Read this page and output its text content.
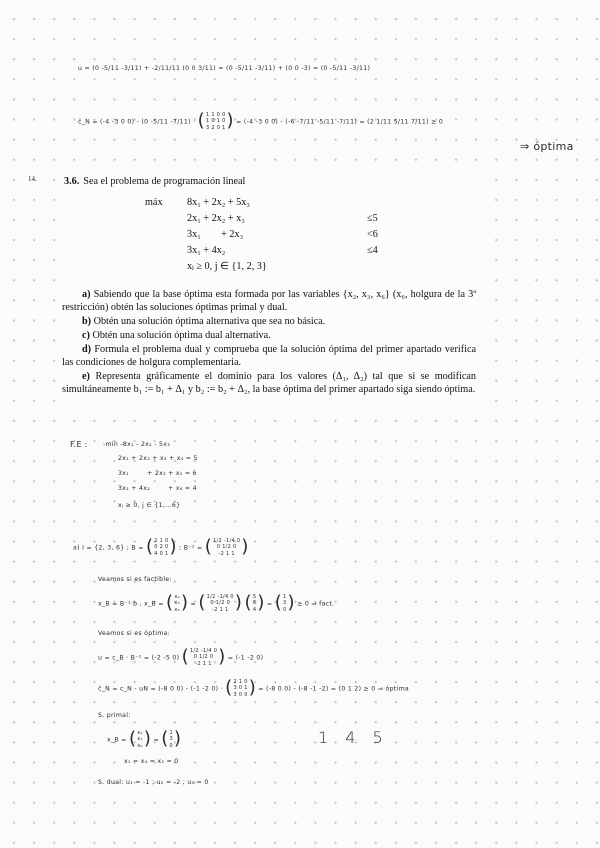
u = (0 -5/11 -3/11) + -2/11/11 (0 0 3/11) = (0 -5/11 -3/11) + (0 0 -3) = (0 -5/11 -3/11)
ĉ_N = (-4 -3 0 0) - (0 -5/11 -7/11) · ( 1 1 0 0
1 0 1 0
3 2 0 1 ) = (-4 -3 0 0) - (-6 -7/11 -5/11 -7/11) = (2 1/11 5/11 7/11) ≥ 0
⇒ óptima
14.	3.6. Sea el problema de programación lineal
máx 8x₁ + 2x₂ + 5x₃
2x₁ + 2x₂ + x₃	≤5
3x₁        + 2x₃	<6
3x₁ + 4x₂	≤4
xⱼ ≥ 0, j ∈ {1, 2, 3}
a) Sabiendo que la base óptima esta formada por las variables {x₂, x₃, x₆} (x₆, holgura de la 3ª restricción) obtén las soluciones óptimas primal y dual.
b) Obtén una solución óptima alternativa que sea no básica.
c) Obtén una solución óptima dual alternativa.
d) Formula el problema dual y comprueba que la solución óptima del primer apartado verifica las condiciones de holgura complementaria.
e) Representa gráficamente el dominio para los valores (Δ₁, Δ₂) tal que si se modifican simultáneamente b₁ := b₁ + Δ₁ y b₂ := b₂ + Δ₂, la base óptima del primer apartado siga siendo óptima.
F.E : -min -8x₁ - 2x₂ - 5x₃
2x₁ + 2x₂ + x₃ + x₄ = 5
3x₁        + 2x₃ + x₅ = 6
3x₁ + 4x₂        + x₆ = 4
xⱼ ≥ 0, j ∈ {1,...6}
a) I = {2, 3, 6} ; B = ( 2 1 0
0 2 0
4 0 1 ) ; B⁻¹ = ( 1/2 -1/4 0
0 1/2 0
-2 1 1 )
Veamos si es factible:
x_B = B⁻¹·b , x_B = ( x₂
x₃
x₆ ) = ( 1/2 -1/4 0
0 1/2 0
-2 1 1 )
( 5
6
4 ) = ( 1
3
0 ) ≥ 0 ⇒ fact.
Veamos si es óptima:
u = c_B · B⁻¹ = (-2 -5 0) ( 1/2 -1/4 0
0 1/2 0
-2 1 1 ) = (-1 -2 0)
ĉ_N = c_N - uN = (-8 0 0) - (-1 -2 0) · ( 2 1 0
3 0 1
3 0 0 ) = (-8 0 0) - (-8 -1 -2) = (0 1 2) ≥ 0 ⇒ óptima
S. primal:
x_B = ( x₂
x₃
x₆ ) = ( 1
3
0 )
x₁ = x₄ = x₅ = 0
S. dual: u₁ = -1 ; u₂ = -2 ; u₃ = 0
1 4 5
